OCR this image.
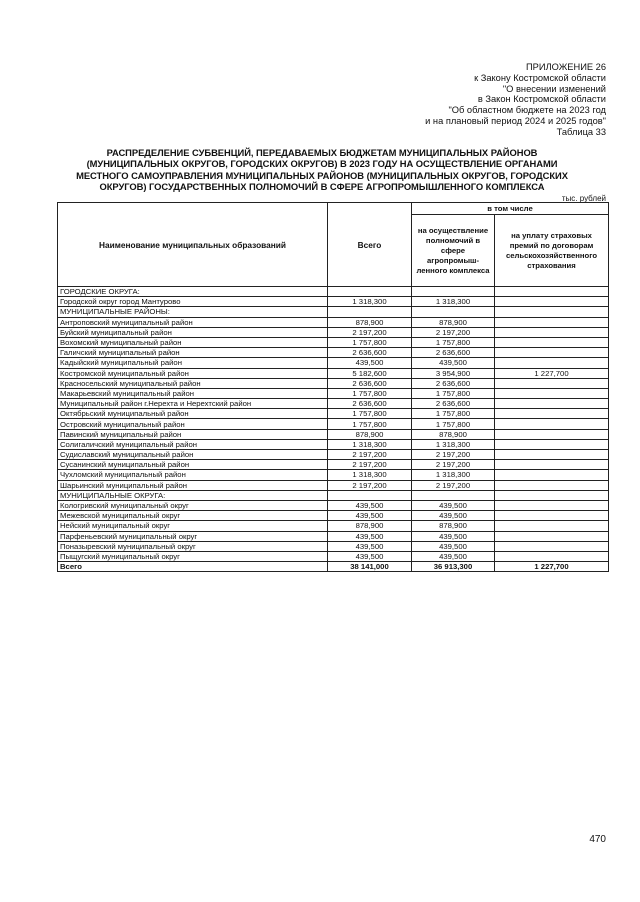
ПРИЛОЖЕНИЕ 26
к Закону Костромской области
"О внесении изменений
в Закон Костромской области
"Об областном бюджете на 2023 год
и на плановый период 2024 и 2025 годов"
Таблица 33
РАСПРЕДЕЛЕНИЕ СУБВЕНЦИЙ, ПЕРЕДАВАЕМЫХ БЮДЖЕТАМ МУНИЦИПАЛЬНЫХ РАЙОНОВ
(МУНИЦИПАЛЬНЫХ ОКРУГОВ, ГОРОДСКИХ ОКРУГОВ) В 2023 ГОДУ НА ОСУЩЕСТВЛЕНИЕ ОРГАНАМИ
МЕСТНОГО САМОУПРАВЛЕНИЯ МУНИЦИПАЛЬНЫХ РАЙОНОВ (МУНИЦИПАЛЬНЫХ ОКРУГОВ, ГОРОДСКИХ
ОКРУГОВ) ГОСУДАРСТВЕННЫХ ПОЛНОМОЧИЙ В СФЕРЕ АГРОПРОМЫШЛЕННОГО КОМПЛЕКСА
тыс. рублей
Наименование муниципальных образований	Всего	в том числе	
		на осуществление полномочий в сфере агропромыш-ленного комплекса	на уплату страховых премий по договорам сельскохозяйственного страхования
ГОРОДСКИЕ ОКРУГА:			
Городской округ город Мантурово	1 318,300	1 318,300	
МУНИЦИПАЛЬНЫЕ РАЙОНЫ:			
Антроповский муниципальный район	878,900	878,900	
Буйский муниципальный район	2 197,200	2 197,200	
Вохомский муниципальный район	1 757,800	1 757,800	
Галичский муниципальный район	2 636,600	2 636,600	
Кадыйский муниципальный район	439,500	439,500	
Костромской муниципальный район	5 182,600	3 954,900	1 227,700
Красносельский муниципальный район	2 636,600	2 636,600	
Макарьевский муниципальный район	1 757,800	1 757,800	
Муниципальный район г.Нерехта и Нерехтский район	2 636,600	2 636,600	
Октябрьский муниципальный район	1 757,800	1 757,800	
Островский муниципальный район	1 757,800	1 757,800	
Павинский муниципальный район	878,900	878,900	
Солигаличский муниципальный район	1 318,300	1 318,300	
Судиславский муниципальный район	2 197,200	2 197,200	
Сусанинский муниципальный район	2 197,200	2 197,200	
Чухломский муниципальный район	1 318,300	1 318,300	
Шарьинский муниципальный район	2 197,200	2 197,200	
МУНИЦИПАЛЬНЫЕ ОКРУГА:			
Кологривский муниципальный округ	439,500	439,500	
Межевской муниципальный округ	439,500	439,500	
Нейский муниципальный округ	878,900	878,900	
Парфеньевский муниципальный округ	439,500	439,500	
Поназыревский муниципальный округ	439,500	439,500	
Пыщугский муниципальный округ	439,500	439,500	
Всего	38 141,000	36 913,300	1 227,700
470
